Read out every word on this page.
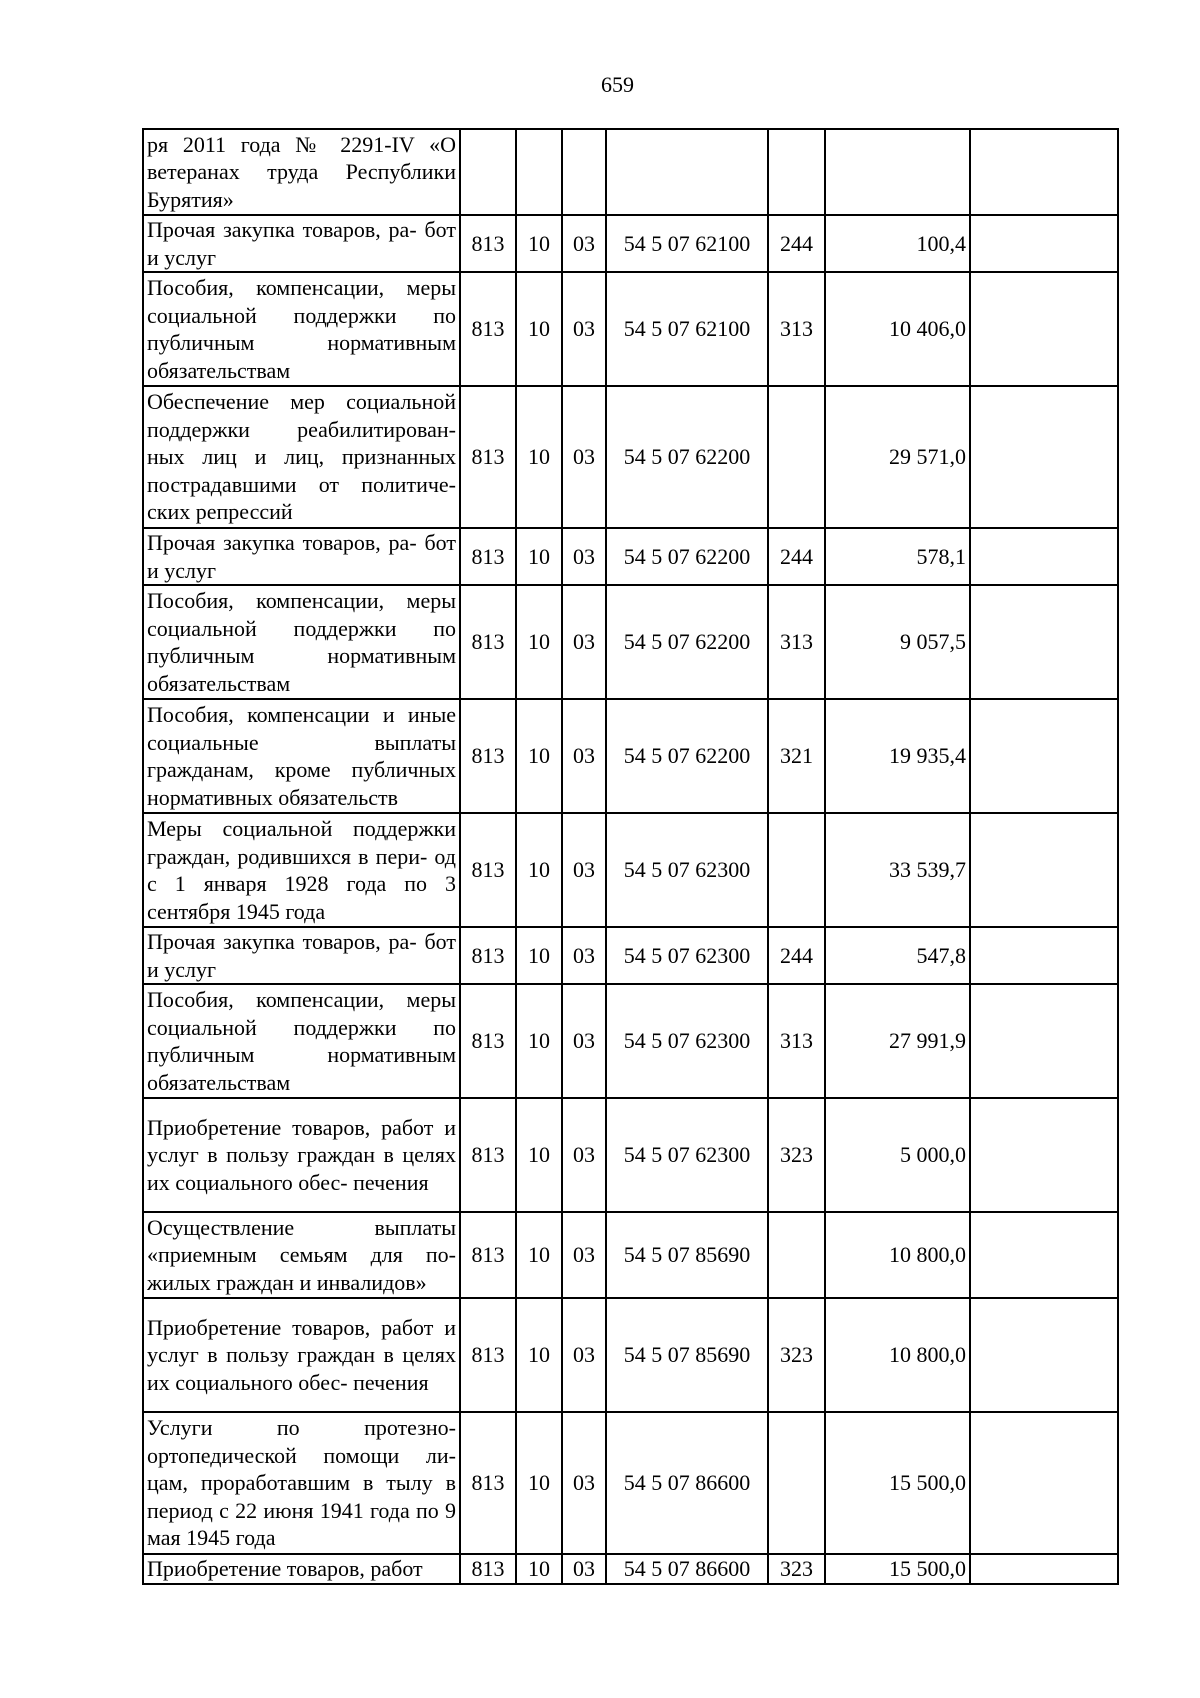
659
ря 2011 года № 2291-IV «О ветеранах труда Республики Бурятия»							
Прочая закупка товаров, ра- бот и услуг	813	10	03	54 5 07 62100	244	100,4	
Пособия, компенсации, меры социальной поддержки по публичным нормативным обязательствам	813	10	03	54 5 07 62100	313	10 406,0	
Обеспечение мер социальной поддержки реабилитирован- ных лиц и лиц, признанных пострадавшими от политиче- ских репрессий	813	10	03	54 5 07 62200		29 571,0	
Прочая закупка товаров, ра- бот и услуг	813	10	03	54 5 07 62200	244	578,1	
Пособия, компенсации, меры социальной поддержки по публичным нормативным обязательствам	813	10	03	54 5 07 62200	313	9 057,5	
Пособия, компенсации и иные социальные выплаты гражданам, кроме публичных нормативных обязательств	813	10	03	54 5 07 62200	321	19 935,4	
Меры социальной поддержки граждан, родившихся в пери- од с 1 января 1928 года по 3 сентября 1945 года	813	10	03	54 5 07 62300		33 539,7	
Прочая закупка товаров, ра- бот и услуг	813	10	03	54 5 07 62300	244	547,8	
Пособия, компенсации, меры социальной поддержки по публичным нормативным обязательствам	813	10	03	54 5 07 62300	313	27 991,9	
Приобретение товаров, работ и услуг в пользу граждан в целях их социального обес- печения	813	10	03	54 5 07 62300	323	5 000,0	
Осуществление выплаты «приемным семьям для по- жилых граждан и инвалидов»	813	10	03	54 5 07 85690		10 800,0	
Приобретение товаров, работ и услуг в пользу граждан в целях их социального обес- печения	813	10	03	54 5 07 85690	323	10 800,0	
Услуги по протезно- ортопедической помощи ли- цам, проработавшим в тылу в период с 22 июня 1941 года по 9 мая 1945 года	813	10	03	54 5 07 86600		15 500,0	
Приобретение товаров, работ	813	10	03	54 5 07 86600	323	15 500,0	
